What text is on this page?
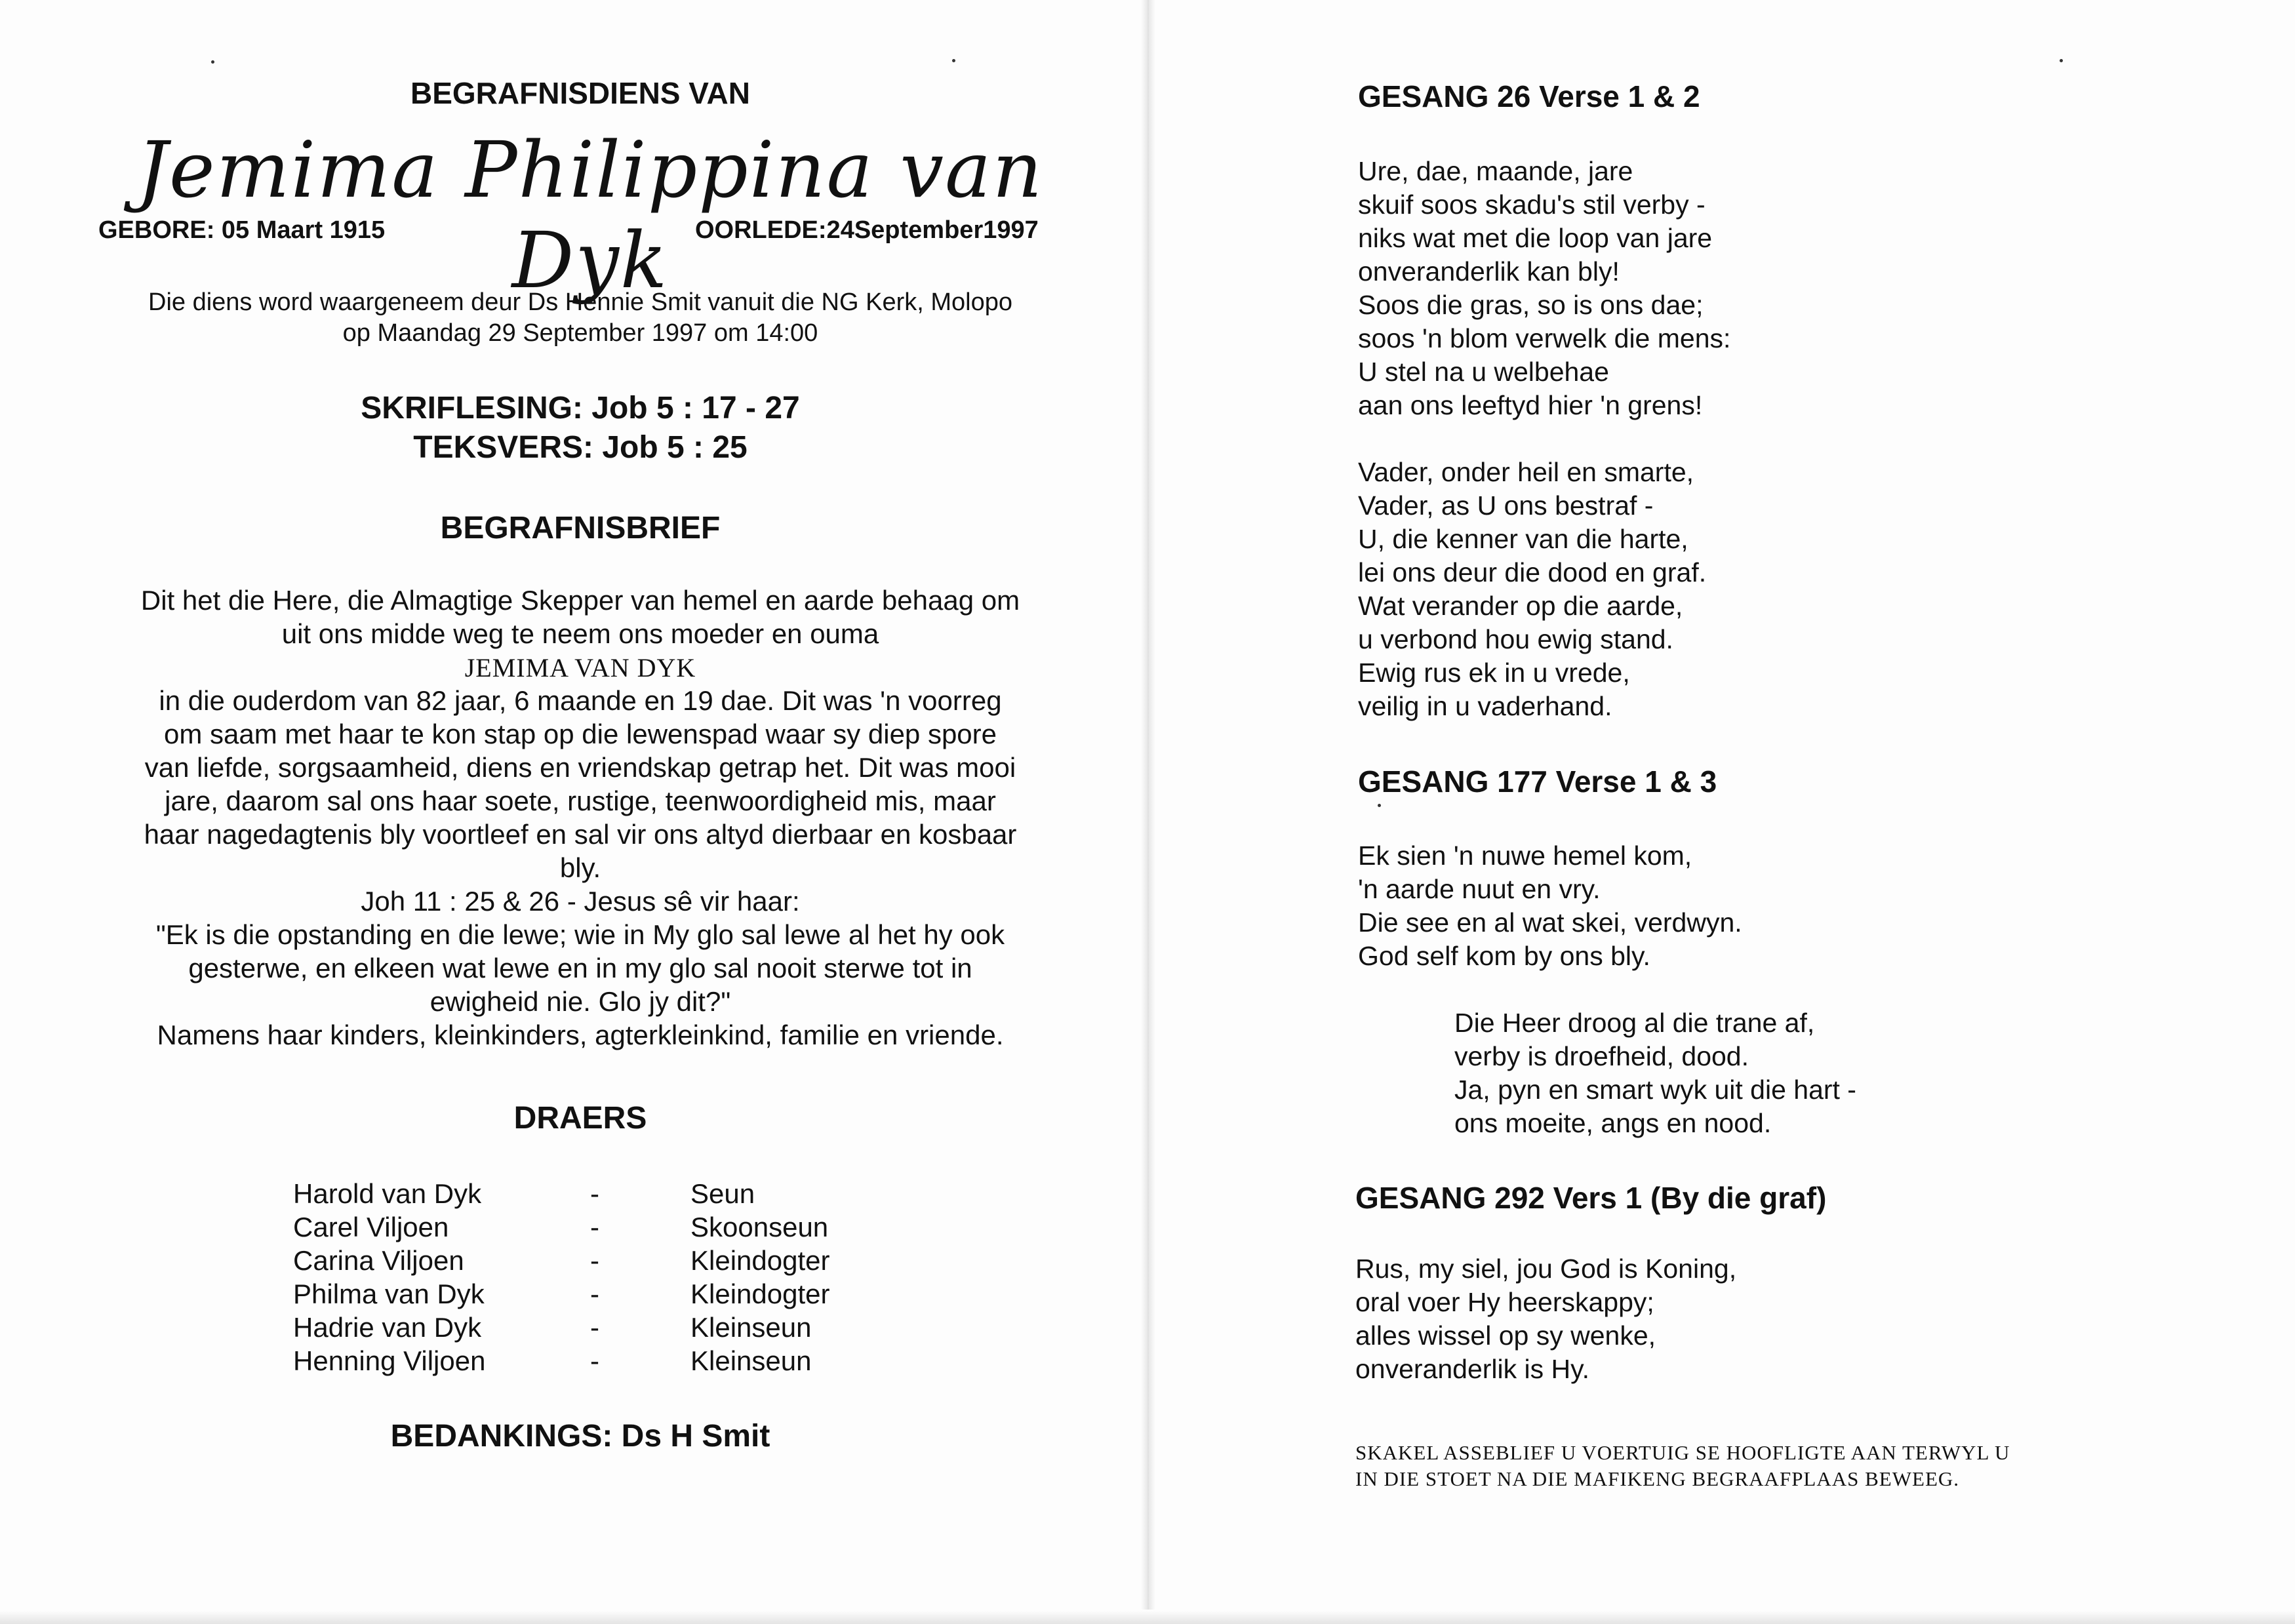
BEGRAFNISDIENS VAN
Jemima Philippina van Dyk
GEBORE: 05 Maart 1915	OORLEDE:24September1997
Die diens word waargeneem deur Ds Hennie Smit vanuit die NG Kerk, Molopo
op Maandag 29 September 1997 om 14:00
SKRIFLESING: Job 5 : 17 - 27
TEKSVERS: Job 5 : 25
BEGRAFNISBRIEF
Dit het die Here, die Almagtige Skepper van hemel en aarde behaag om
uit ons midde weg te neem ons moeder en ouma
JEMIMA VAN DYK
in die ouderdom van 82 jaar, 6 maande en 19 dae. Dit was 'n voorreg
om saam met haar te kon stap op die lewenspad waar sy diep spore
van liefde, sorgsaamheid, diens en vriendskap getrap het. Dit was mooi
jare, daarom sal ons haar soete, rustige, teenwoordigheid mis, maar
haar nagedagtenis bly voortleef en sal vir ons altyd dierbaar en kosbaar
bly.
Joh 11 : 25 & 26 - Jesus sê vir haar:
"Ek is die opstanding en die lewe; wie in My glo sal lewe al het hy ook
gesterwe, en elkeen wat lewe en in my glo sal nooit sterwe tot in
ewigheid nie. Glo jy dit?"
Namens haar kinders, kleinkinders, agterkleinkind, familie en vriende.
DRAERS
Harold van Dyk	-	Seun
Carel Viljoen	-	Skoonseun
Carina Viljoen	-	Kleindogter
Philma van Dyk	-	Kleindogter
Hadrie van Dyk	-	Kleinseun
Henning Viljoen	-	Kleinseun
BEDANKINGS: Ds H Smit
GESANG 26 Verse 1 & 2
Ure, dae, maande, jare
skuif soos skadu's stil verby -
niks wat met die loop van jare
onveranderlik kan bly!
Soos die gras, so is ons dae;
soos 'n blom verwelk die mens:
U stel na u welbehae
aan ons leeftyd hier 'n grens!
Vader, onder heil en smarte,
Vader, as U ons bestraf -
U, die kenner van die harte,
lei ons deur die dood en graf.
Wat verander op die aarde,
u verbond hou ewig stand.
Ewig rus ek in u vrede,
veilig in u vaderhand.
GESANG 177 Verse 1 & 3
Ek sien 'n nuwe hemel kom,
'n aarde nuut en vry.
Die see en al wat skei, verdwyn.
God self kom by ons bly.
Die Heer droog al die trane af,
verby is droefheid, dood.
Ja, pyn en smart wyk uit die hart -
ons moeite, angs en nood.
GESANG 292 Vers 1 (By die graf)
Rus, my siel, jou God is Koning,
oral voer Hy heerskappy;
alles wissel op sy wenke,
onveranderlik is Hy.
SKAKEL ASSEBLIEF U VOERTUIG SE HOOFLIGTE AAN TERWYL U
IN DIE STOET NA DIE MAFIKENG BEGRAAFPLAAS BEWEEG.
